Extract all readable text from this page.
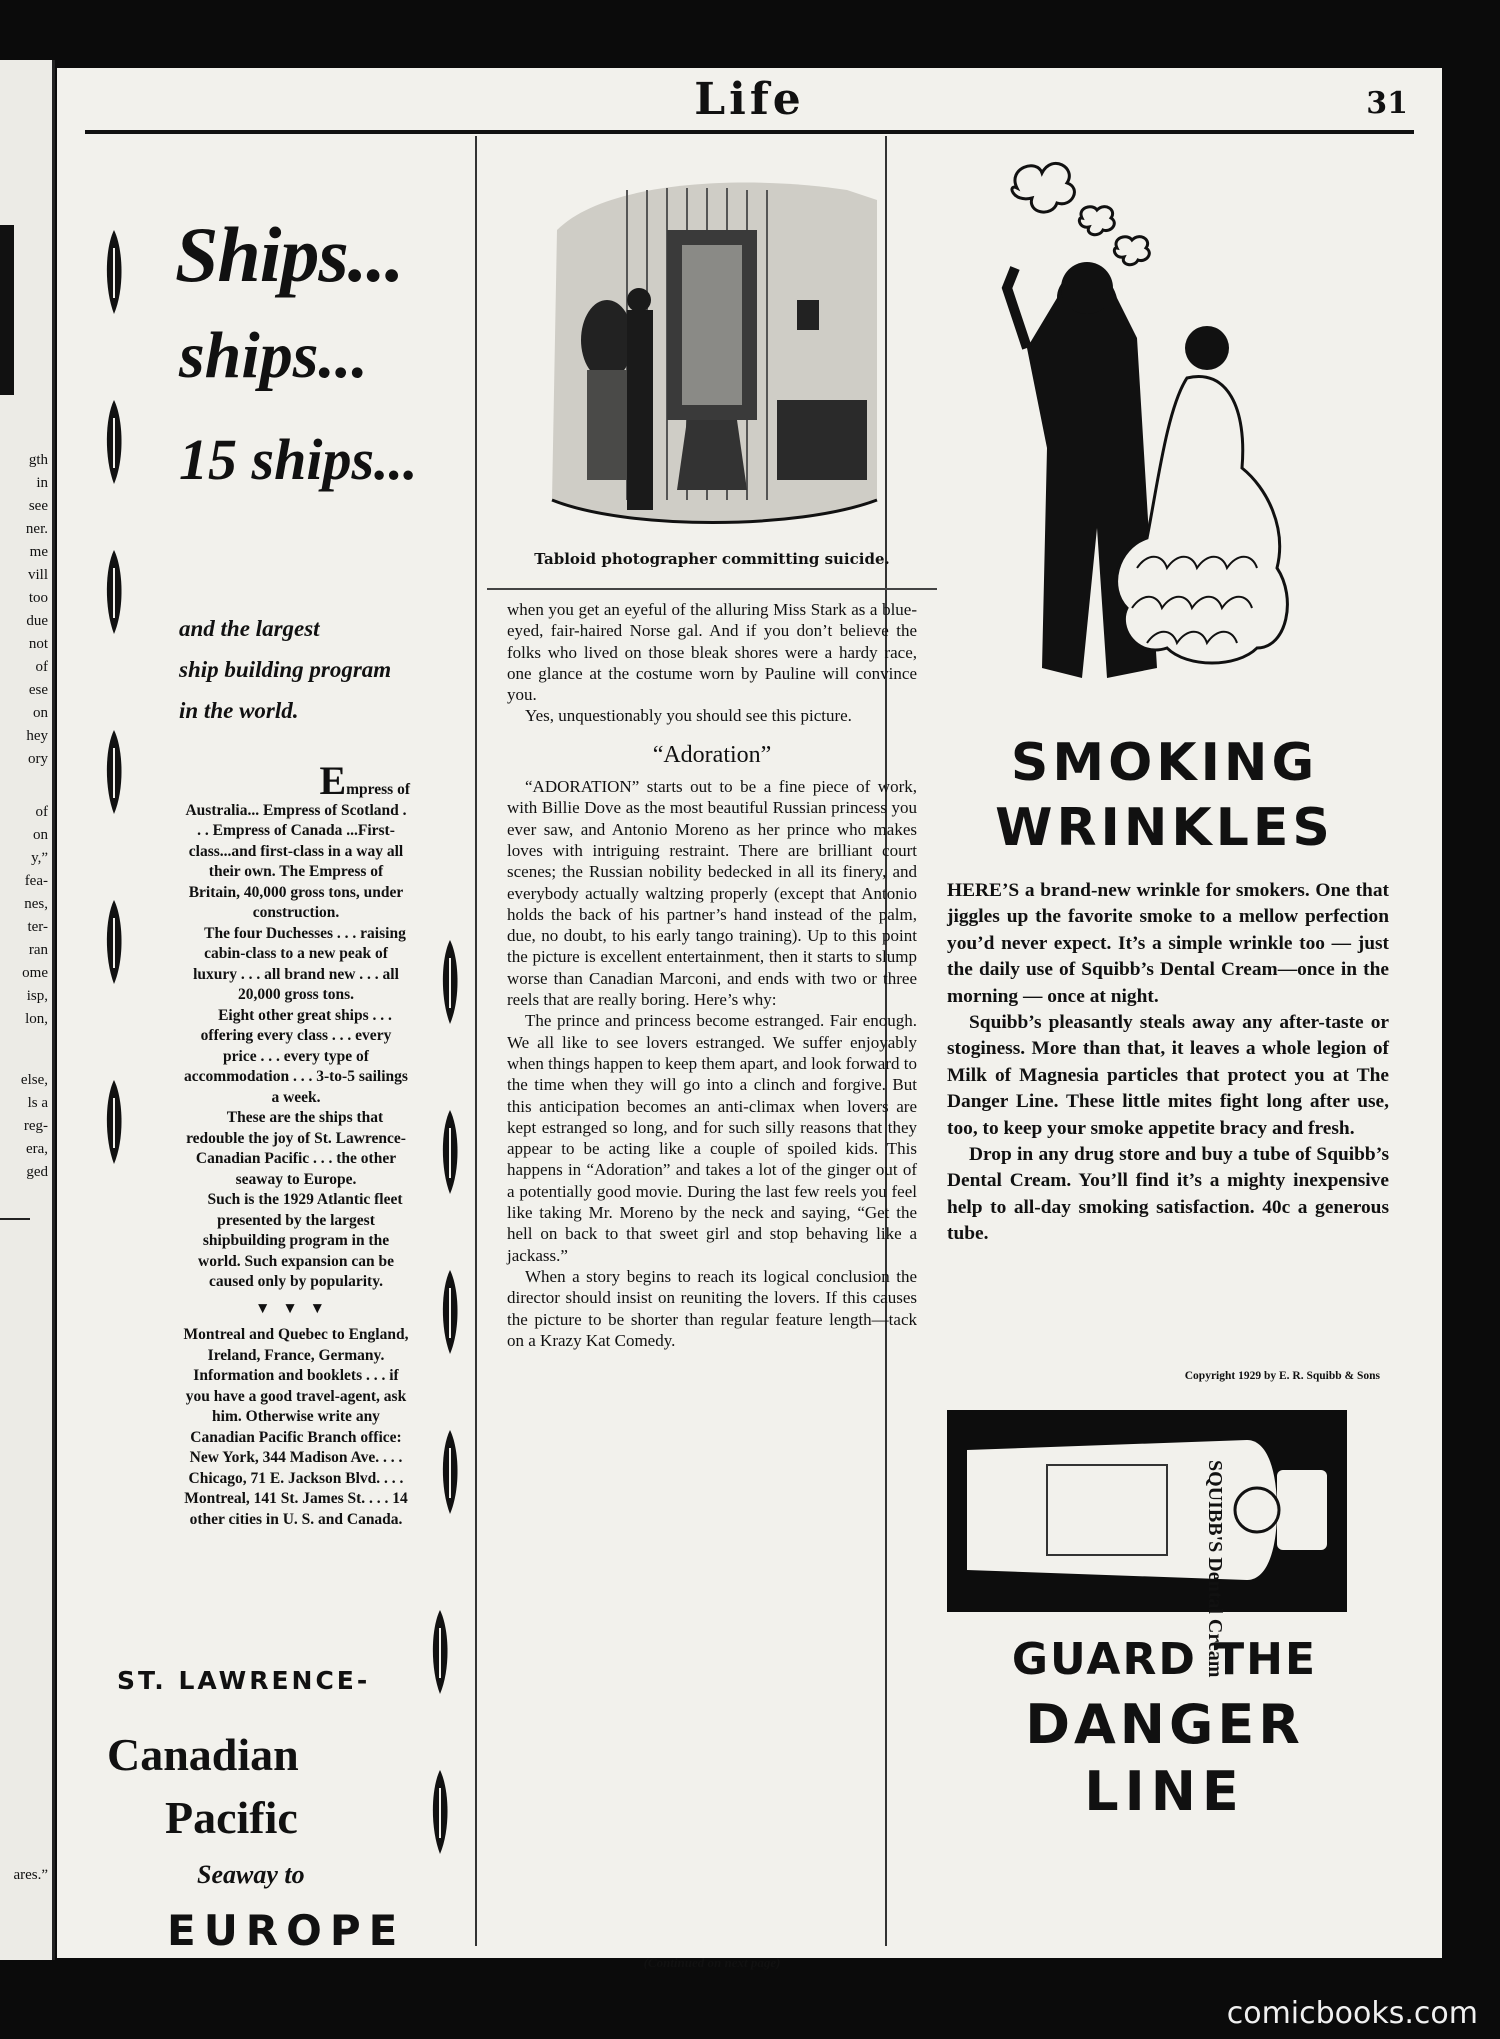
gth
in
see
ner.
me
vill
too
due
not
of
ese
on
hey
ory
of
on
y,”
fea-
nes,
ter-
ran
ome
isp,
lon,
else,
ls a
reg-
era,
ged
ares.”
Life	31
Ships...
ships...
15 ships...
and the largest
ship building program
in the world.

Empress of

Australia... Empress of Scotland . . . Empress of Canada ...First-class...and first-class in a way all their own. The Empress of Britain, 40,000 gross tons, under construction.

The four Duchesses . . . raising cabin-class to a new peak of luxury . . . all brand new . . . all 20,000 gross tons.

Eight other great ships . . . offering every class . . . every price . . . every type of accommodation . . . 3-to-5 sailings a week.

These are the ships that redouble the joy of St. Lawrence-Canadian Pacific . . . the other seaway to Europe.

Such is the 1929 Atlantic fleet presented by the largest shipbuilding program in the world. Such expansion can be caused only by popularity.

▼▼▼

Montreal and Quebec to England, Ireland, France, Germany. Information and booklets . . . if you have a good travel-agent, ask him. Otherwise write any Canadian Pacific Branch office: New York, 344 Madison Ave. . . . Chicago, 71 E. Jackson Blvd. . . . Montreal, 141 St. James St. . . . 14 other cities in U. S. and Canada.

ST. LAWRENCE-
Canadian
Pacific
Seaway to
EUROPE
Tabloid photographer committing suicide.

when you get an eyeful of the alluring Miss Stark as a blue-eyed, fair-haired Norse gal. And if you don’t believe the folks who lived on those bleak shores were a hardy race, one glance at the costume worn by Pauline will convince you.

Yes, unquestionably you should see this picture.

“Adoration”

“ADORATION” starts out to be a fine piece of work, with Billie Dove as the most beautiful Russian princess you ever saw, and Antonio Moreno as her prince who makes loves with intriguing restraint. There are brilliant court scenes; the Russian nobility bedecked in all its finery, and everybody actually waltzing properly (except that Antonio holds the back of his partner’s hand instead of the palm, due, no doubt, to his early tango training). Up to this point the picture is excellent entertainment, then it starts to slump worse than Canadian Marconi, and ends with two or three reels that are really boring. Here’s why:

The prince and princess become estranged. Fair enough. We all like to see lovers estranged. We suffer enjoyably when things happen to keep them apart, and look forward to the time when they will go into a clinch and forgive. But this anticipation becomes an anti-climax when lovers are kept estranged so long, and for such silly reasons that they appear to be acting like a couple of spoiled kids. This happens in “Adoration” and takes a lot of the ginger out of a potentially good movie. During the last few reels you feel like taking Mr. Moreno by the neck and saying, “Get the hell on back to that sweet girl and stop behaving like a jackass.”

When a story begins to reach its logical conclusion the director should insist on reuniting the lovers. If this causes the picture to be shorter than regular feature length—tack on a Krazy Kat Comedy.

(Continued on next page)
SMOKING
WRINKLES

HERE’S a brand-new wrinkle for smokers. One that jiggles up the favorite smoke to a mellow perfection you’d never expect. It’s a simple wrinkle too — just the daily use of Squibb’s Dental Cream—once in the morning — once at night.

Squibb’s pleasantly steals away any after-taste or stoginess. More than that, it leaves a whole legion of Milk of Magnesia particles that protect you at The Danger Line. These little mites fight long after use, too, to keep your smoke appetite bracy and fresh.

Drop in any drug store and buy a tube of Squibb’s Dental Cream. You’ll find it’s a mighty inexpensive help to all-day smoking satisfaction. 40c a generous tube.

Copyright 1929 by E. R. Squibb & Sons
SQUIBB'S Dental Cream
GUARD THE
DANGER
LINE
comicbooks.com
